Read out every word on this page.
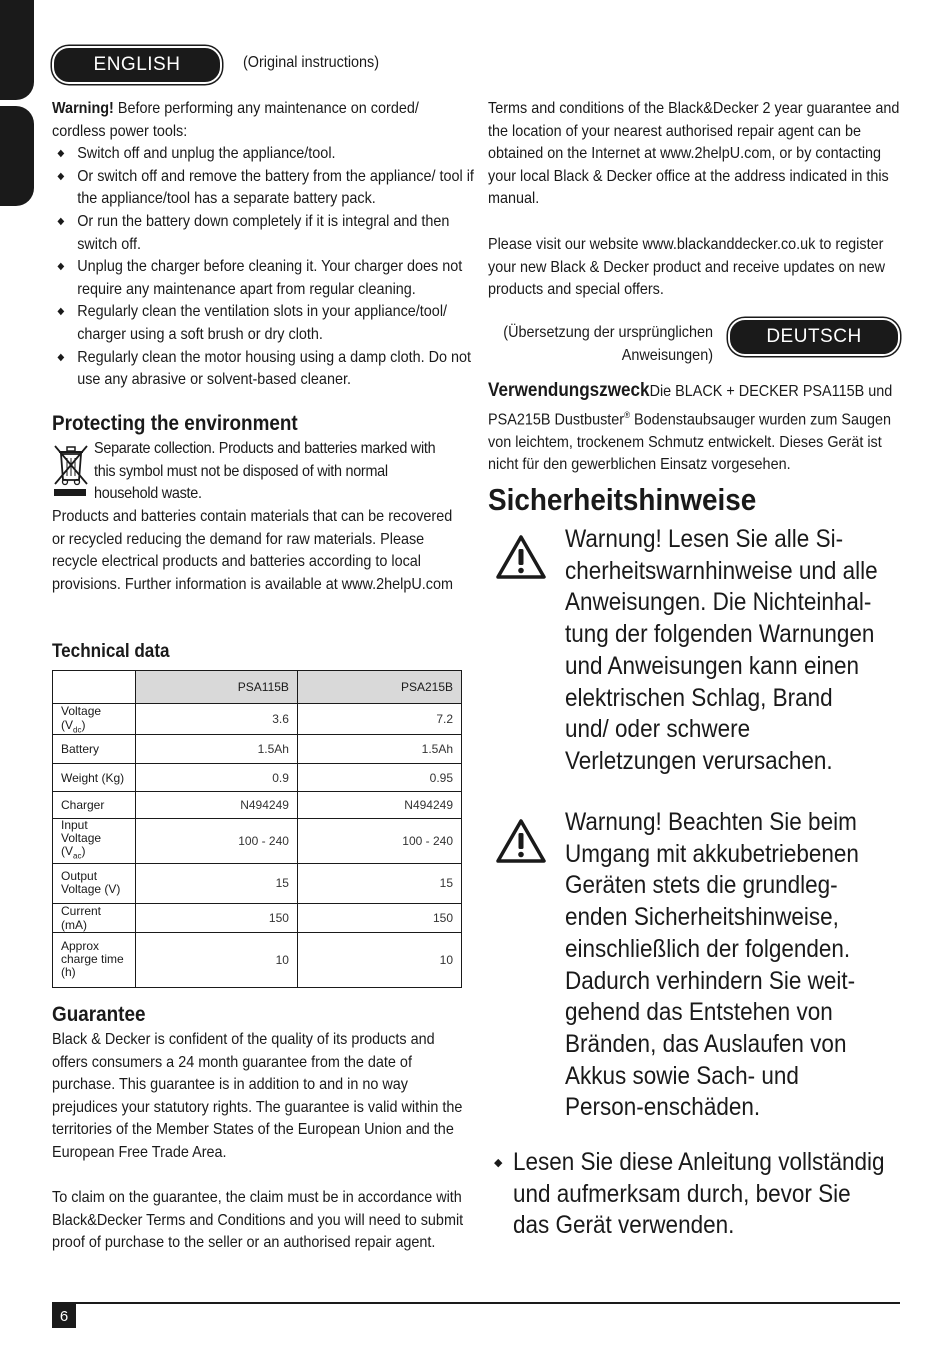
ENGLISH	(Original instructions)
Warning! Before performing any maintenance on corded/ cordless power tools:
◆ Switch off and unplug the appliance/tool.
◆ Or switch off and remove the battery from the appliance/ tool if the appliance/tool has a separate battery pack.
◆ Or run the battery down completely if it is integral and then switch off.
◆ Unplug the charger before cleaning it. Your charger does not require any maintenance apart from regular cleaning.
◆ Regularly clean the ventilation slots in your appliance/tool/ charger using a soft brush or dry cloth.
◆ Regularly clean the motor housing using a damp cloth. Do not use any abrasive or solvent-based cleaner.
Protecting the environment
Separate collection. Products and batteries marked with this symbol must not be disposed of with normal household waste.
Products and batteries contain materials that can be recovered or recycled reducing the demand for raw materials. Please recycle electrical products and batteries according to local provisions. Further information is available at www.2helpU.com
Technical data
	PSA115B	PSA215B
Voltage $(V_{dc})$	3.6	7.2
Battery	1.5Ah	1.5Ah
Weight (Kg)	0.9	0.95
Charger	N494249	N494249
Input Voltage $(V_{ac})$	100 - 240	100 - 240
Output Voltage (V)	15	15
Current (mA)	150	150
Approx charge time (h)	10	10
Guarantee
Black & Decker is confident of the quality of its products and offers consumers a 24 month guarantee from the date of purchase. This guarantee is in addition to and in no way prejudices your statutory rights. The guarantee is valid within the territories of the Member States of the European Union and the European Free Trade Area.
To claim on the guarantee, the claim must be in accordance with Black&Decker Terms and Conditions and you will need to submit proof of purchase to the seller or an authorised repair agent.
Terms and conditions of the Black&Decker 2 year guarantee and the location of your nearest authorised repair agent can be obtained on the Internet at www.2helpU.com, or by contacting your local Black & Decker office at the address indicated in this manual.
Please visit our website www.blackanddecker.co.uk to register your new Black & Decker product and receive updates on new products and special offers.
(Übersetzung der ursprünglichen Anweisungen)
DEUTSCH
VerwendungszweckDie BLACK + DECKER PSA115B und PSA215B Dustbuster® Bodenstaubsauger wurden zum Saugen von leichtem, trockenem Schmutz entwickelt. Dieses Gerät ist nicht für den gewerblichen Einsatz vorgesehen.
Sicherheitshinweise
Warnung! Lesen Sie alle Si-cherheitswarnhinweise und alle Anweisungen. Die Nichteinhal-tung der folgenden Warnungen und Anweisungen kann einen elektrischen Schlag, Brand und/ oder schwere Verletzungen verursachen.
Warnung! Beachten Sie beim Umgang mit akkubetriebenen Geräten stets die grundleg-enden Sicherheitshinweise, einschließlich der folgenden. Dadurch verhindern Sie weit-gehend das Entstehen von Bränden, das Auslaufen von Akkus sowie Sach- und Person-enschäden.
◆ Lesen Sie diese Anleitung vollständig und aufmerksam durch, bevor Sie das Gerät verwenden.
6
